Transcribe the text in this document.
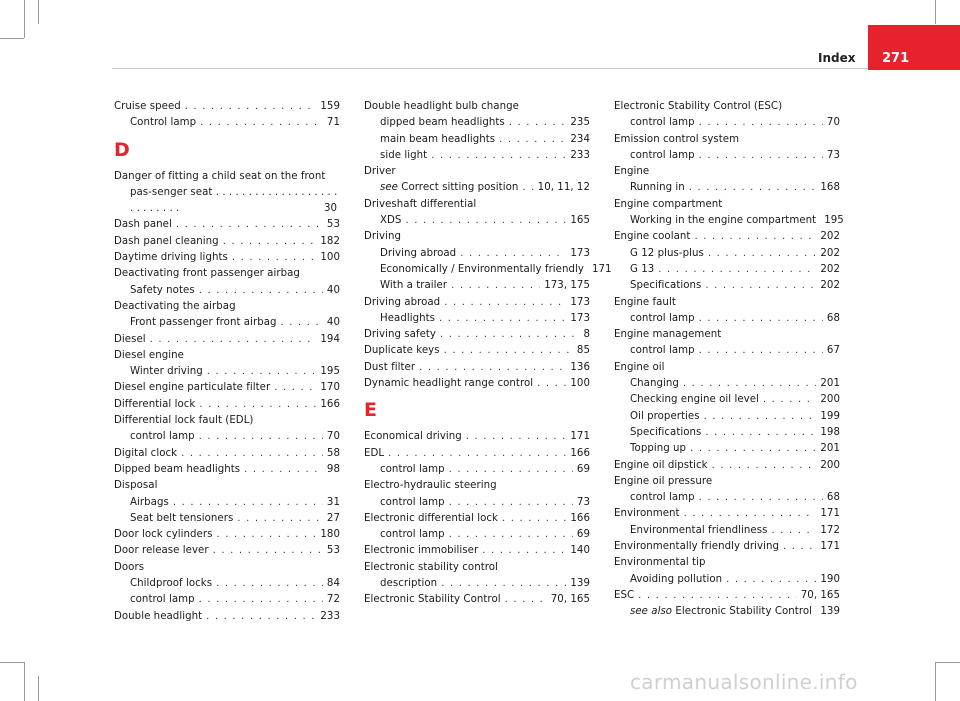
Index	271
Cruise speed . . .	159
Control lamp . . .	71
D
Danger of fitting a child seat on the front pas-senger seat . . . . . . . . . . . . . . . . . . . . . . . . . . .	30
Dash panel . . .	53
Dash panel cleaning . . .	182
Daytime driving lights . . .	100
Deactivating front passenger airbag
Safety notes . . .	40
Deactivating the airbag
Front passenger front airbag . . .	40
Diesel . . .	194
Diesel engine
Winter driving . . .	195
Diesel engine particulate filter . . .	170
Differential lock . . .	166
Differential lock fault (EDL)
control lamp . . .	70
Digital clock . . .	58
Dipped beam headlights . . .	98
Disposal
Airbags . . .	31
Seat belt tensioners . . .	27
Door lock cylinders . . .	180
Door release lever . . .	53
Doors
Childproof locks . . .	84
control lamp . . .	72
Double headlight . . .	233
Double headlight bulb change
dipped beam headlights . . .	235
main beam headlights . . .	234
side light . . .	233
Driver
see Correct sitting position . . . 10, 11, 12
Driveshaft differential
XDS . . .	165
Driving
Driving abroad . . .	173
Economically / Environmentally friendly 171
With a trailer . . .	173, 175
Driving abroad . . .	173
Headlights . . .	173
Driving safety . . .	8
Duplicate keys . . .	85
Dust filter . . .	136
Dynamic headlight range control . . .	100
E
Economical driving . . .	171
EDL . . .	166
control lamp . . .	69
Electro-hydraulic steering
control lamp . . .	73
Electronic differential lock . . .	166
control lamp . . .	69
Electronic immobiliser . . .	140
Electronic stability control
description . . .	139
Electronic Stability Control . . .	70, 165
Electronic Stability Control (ESC)
control lamp . . .	70
Emission control system
control lamp . . .	73
Engine
Running in . . .	168
Engine compartment
Working in the engine compartment 195
Engine coolant . . .	202
G 12 plus-plus . . .	202
G 13 . . .	202
Specifications . . .	202
Engine fault
control lamp . . .	68
Engine management
control lamp . . .	67
Engine oil
Changing . . .	201
Checking engine oil level . . .	200
Oil properties . . .	199
Specifications . . .	198
Topping up . . .	201
Engine oil dipstick . . .	200
Engine oil pressure
control lamp . . .	68
Environment . . .	171
Environmental friendliness . . .	172
Environmentally friendly driving . . .	171
Environmental tip
Avoiding pollution . . .	190
ESC . . .	70, 165
see also Electronic Stability Control . . . 139
carmanualsonline.info
